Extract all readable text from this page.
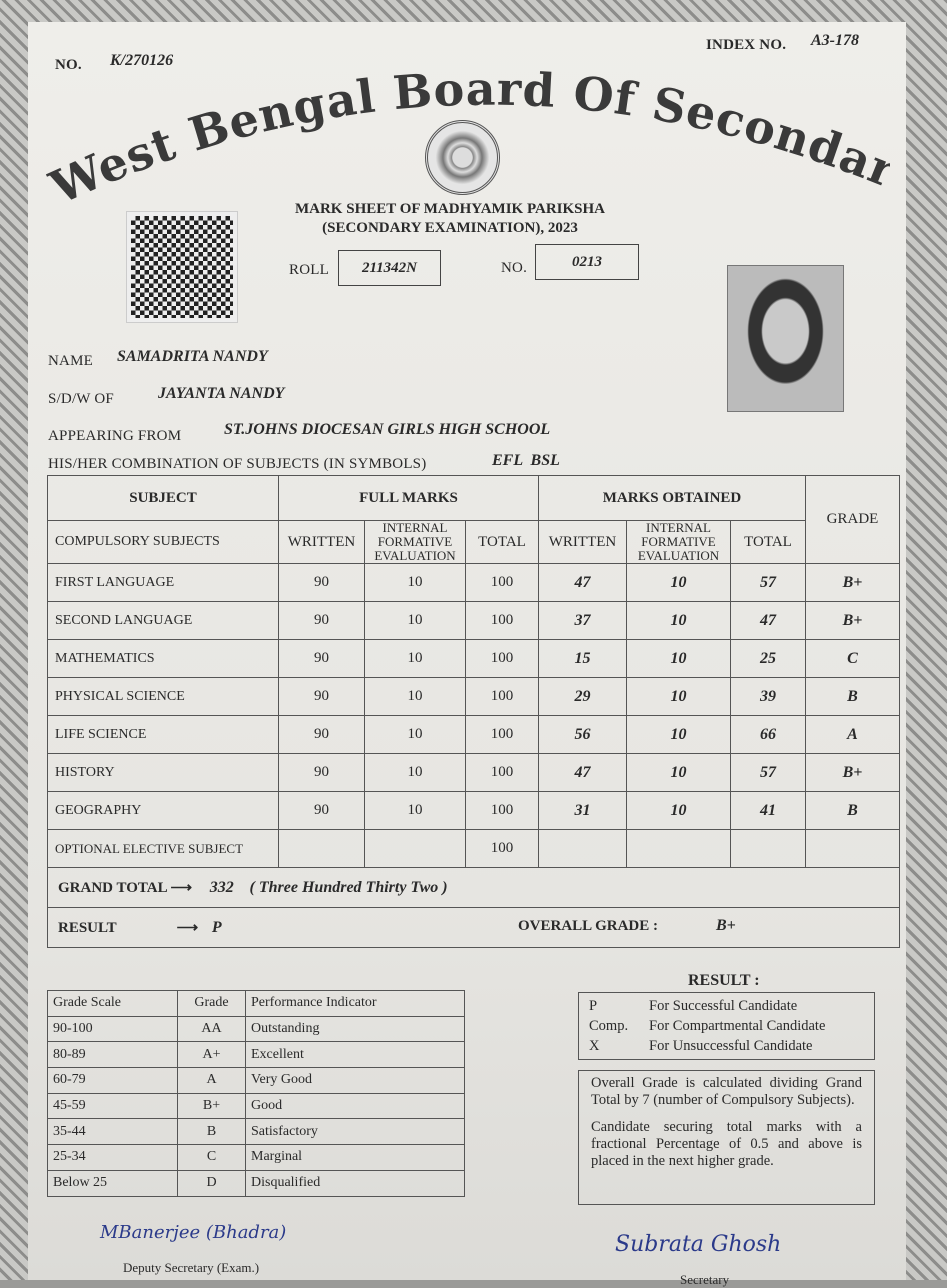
NO. K/270126
INDEX NO. A3-178
West Bengal Board Of Seconda
MARK SHEET OF MADHYAMIK PARIKSHA
(SECONDARY EXAMINATION), 2023
ROLL 211342N	NO.	0213
NAME SAMADRITA NANDY
S/D/W OF	JAYANTA NANDY
APPEARING FROM	ST.JOHNS DIOCESAN GIRLS HIGH SCHOOL
HIS/HER COMBINATION OF SUBJECTS (IN SYMBOLS)	EFL  BSL
SUBJECT	FULL MARKS			MARKS OBTAINED			GRADE
COMPULSORY SUBJECTS	WRITTEN	INTERNAL FORMATIVE EVALUATION	TOTAL	WRITTEN	INTERNAL FORMATIVE EVALUATION	TOTAL	
FIRST LANGUAGE	90	10	100	47	10	57	B+
SECOND LANGUAGE	90	10	100	37	10	47	B+
MATHEMATICS	90	10	100	15	10	25	C
PHYSICAL SCIENCE	90	10	100	29	10	39	B
LIFE SCIENCE	90	10	100	56	10	66	A
HISTORY	90	10	100	47	10	57	B+
GEOGRAPHY	90	10	100	31	10	41	B
OPTIONAL ELECTIVE SUBJECT			100				
GRAND TOTAL ⟶ 332 ( Three Hundred Thirty Two )							
RESULT ⟶ P OVERALL GRADE : B+							
Grade Scale	Grade	Performance Indicator
90-100	AA	Outstanding
80-89	A+	Excellent
60-79	A	Very Good
45-59	B+	Good
35-44	B	Satisfactory
25-34	C	Marginal
Below 25	D	Disqualified
RESULT :
P	For Successful Candidate
Comp.	For Compartmental Candidate
X	For Unsuccessful Candidate

Overall Grade is calculated dividing Grand Total by 7 (number of Compulsory Subjects).

Candidate securing total marks with a fractional Percentage of 0.5 and above is placed in the next higher grade.

MBanerjee (Bhadra)
Deputy Secretary (Exam.)
Subrata Ghosh
Secretary
